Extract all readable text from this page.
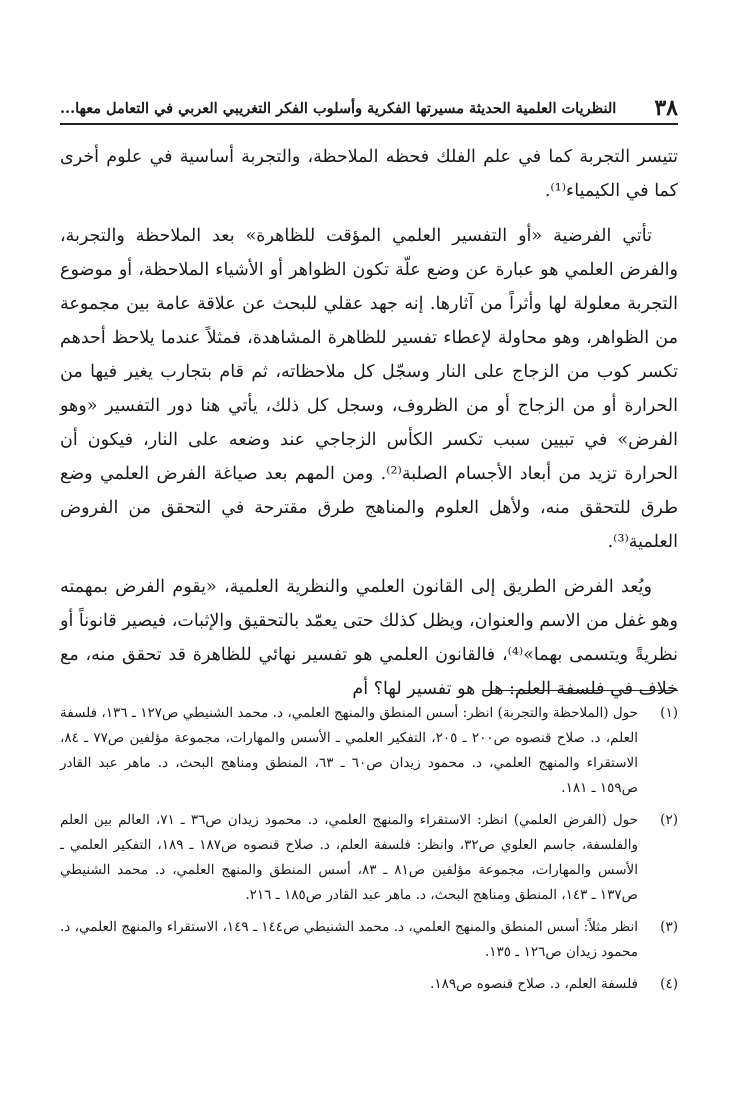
٣٨
النظريات العلمية الحديثة مسيرتها الفكرية وأسلوب الفكر التغريبي العربي في التعامل معها...

تتيسر التجربة كما في علم الفلك فحظه الملاحظة، والتجربة أساسية في علوم أخرى كما في الكيمياء⁽¹⁾.

تأتي الفرضية «أو التفسير العلمي المؤقت للظاهرة» بعد الملاحظة والتجربة، والفرض العلمي هو عبارة عن وضع علّة تكون الظواهر أو الأشياء الملاحظة، أو موضوع التجربة معلولة لها وأثراً من آثارها. إنه جهد عقلي للبحث عن علاقة عامة بين مجموعة من الظواهر، وهو محاولة لإعطاء تفسير للظاهرة المشاهدة، فمثلاً عندما يلاحظ أحدهم تكسر كوب من الزجاج على النار وسجّل كل ملاحظاته، ثم قام بتجارب يغير فيها من الحرارة أو من الزجاج أو من الظروف، وسجل كل ذلك، يأتي هنا دور التفسير «وهو الفرض» في تبيين سبب تكسر الكأس الزجاجي عند وضعه على النار، فيكون أن الحرارة تزيد من أبعاد الأجسام الصلبة⁽²⁾. ومن المهم بعد صياغة الفرض العلمي وضع طرق للتحقق منه، ولأهل العلوم والمناهج طرق مقترحة في التحقق من الفروض العلمية⁽³⁾.

ويُعد الفرض الطريق إلى القانون العلمي والنظرية العلمية، «يقوم الفرض بمهمته وهو غفل من الاسم والعنوان، ويظل كذلك حتى يعمّد بالتحقيق والإثبات، فيصير قانوناً أو نظريةً ويتسمى بهما»⁽⁴⁾، فالقانون العلمي هو تفسير نهائي للظاهرة قد تحقق منه، مع خلاف في فلسفة العلم: هل هو تفسير لها؟ أم

(١)
حول (الملاحظة والتجربة) انظر: أسس المنطق والمنهج العلمي، د. محمد الشنيطي ص١٢٧ ـ ١٣٦، فلسفة العلم، د. صلاح قنصوه ص٢٠٠ ـ ٢٠٥، التفكير العلمي ـ الأسس والمهارات، مجموعة مؤلفين ص٧٧ ـ ٨٤، الاستقراء والمنهج العلمي، د. محمود زيدان ص٦٠ ـ ٦٣، المنطق ومناهج البحث، د. ماهر عبد القادر ص١٥٩ ـ ١٨١.
(٢)
حول (الفرض العلمي) انظر: الاستقراء والمنهج العلمي، د. محمود زيدان ص٣٦ ـ ٧١، العالم بين العلم والفلسفة، جاسم العلوي ص٣٢، وانظر: فلسفة العلم، د. صلاح قنصوه ص١٨٧ ـ ١٨٩، التفكير العلمي ـ الأسس والمهارات، مجموعة مؤلفين ص٨١ ـ ٨٣، أسس المنطق والمنهج العلمي، د. محمد الشنيطي ص١٣٧ ـ ١٤٣، المنطق ومناهج البحث، د. ماهر عبد القادر ص١٨٥ ـ ٢١٦.
(٣)
انظر مثلاً: أسس المنطق والمنهج العلمي، د. محمد الشنيطي ص١٤٤ ـ ١٤٩، الاستقراء والمنهج العلمي، د. محمود زيدان ص١٢٦ ـ ١٣٥.
(٤)
فلسفة العلم، د. صلاح قنصوه ص١٨٩.
